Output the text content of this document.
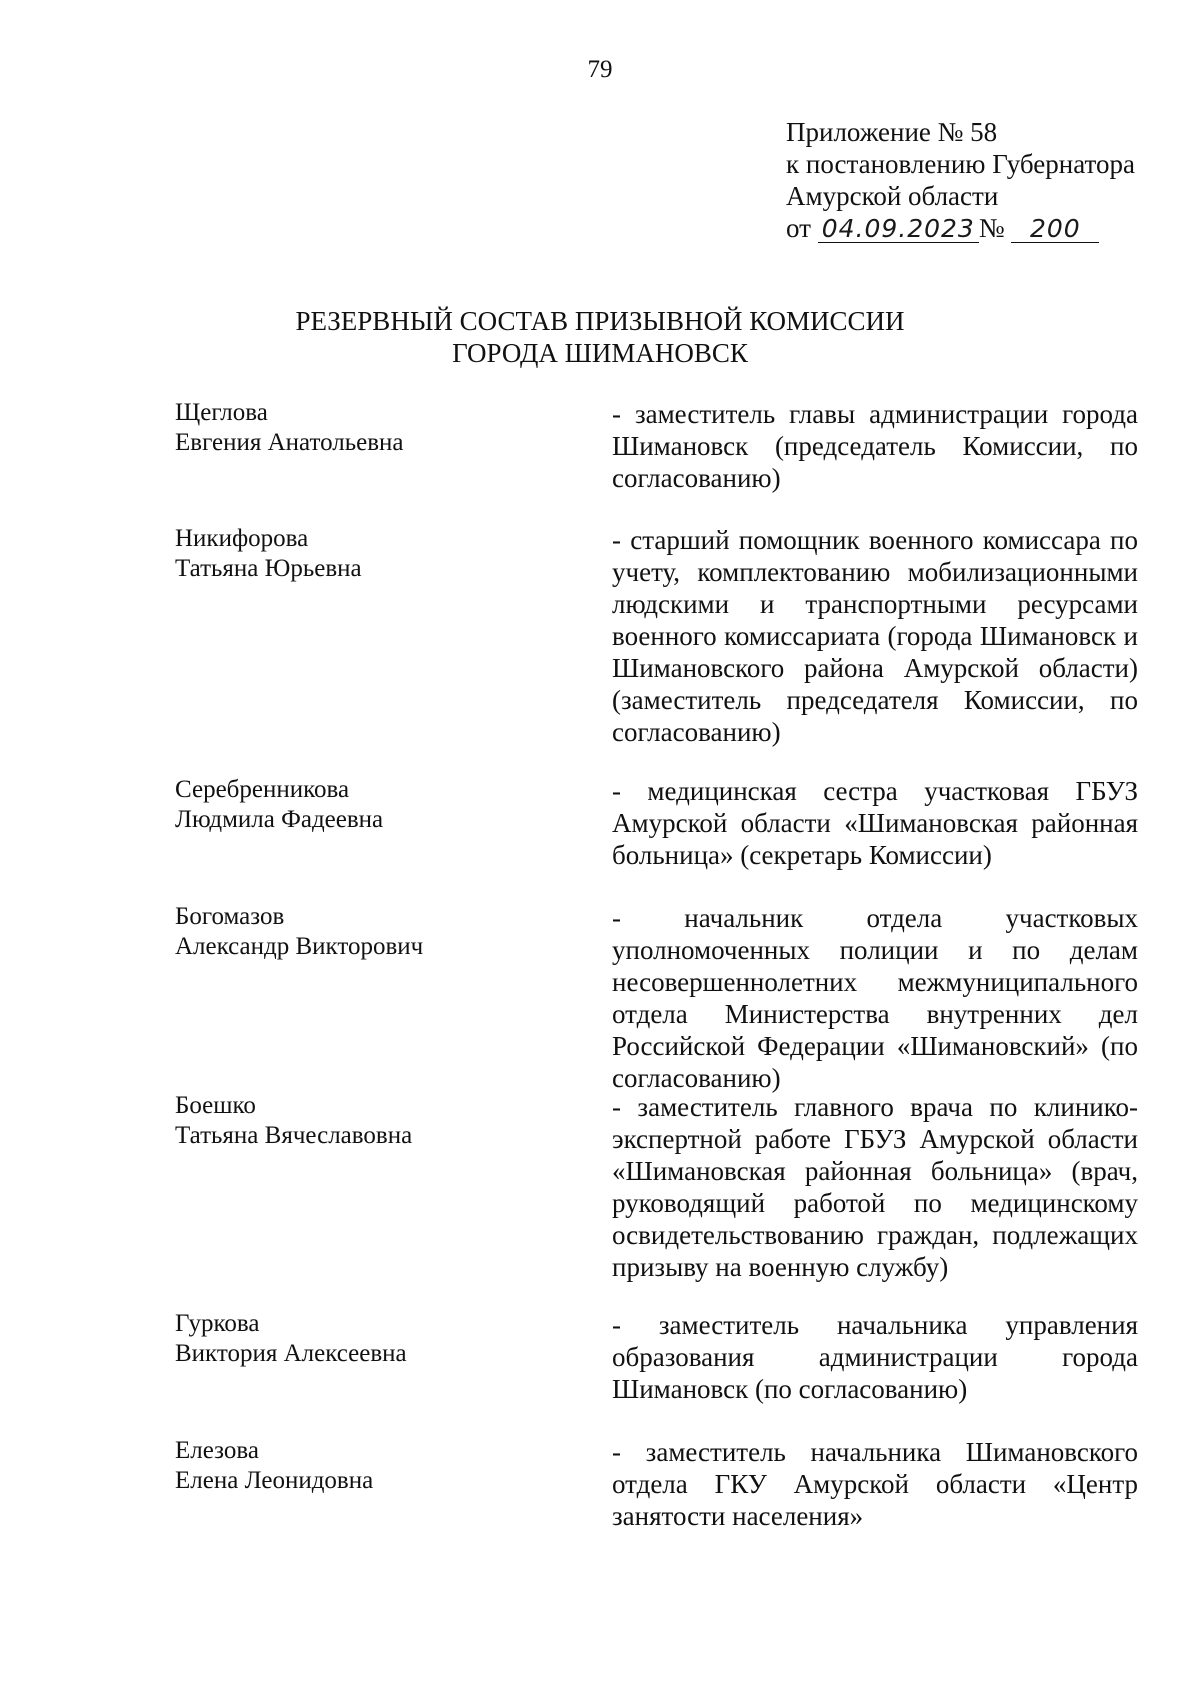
79
Приложение № 58
к постановлению Губернатора
Амурской области
от 04.09.2023 № 200
РЕЗЕРВНЫЙ СОСТАВ ПРИЗЫВНОЙ КОМИССИИ
ГОРОДА ШИМАНОВСК
Щеглова
Евгения Анатольевна
- заместитель главы администрации города Шимановск (председатель Комиссии, по согласованию)
Никифорова
Татьяна Юрьевна
- старший помощник военного комиссара по учету, комплектованию мобилизационными людскими и транспортными ресурсами военного комиссариата (города Шимановск и Шимановского района Амурской области) (заместитель председателя Комиссии, по согласованию)
Серебренникова
Людмила Фадеевна
- медицинская сестра участковая ГБУЗ Амурской области «Шимановская районная больница» (секретарь Комиссии)
Богомазов
Александр Викторович
- начальник отдела участковых уполномоченных полиции и по делам несовершеннолетних межмуниципального отдела Министерства внутренних дел Российской Федерации «Шимановский» (по согласованию)
Боешко
Татьяна Вячеславовна
- заместитель главного врача по клинико-экспертной работе ГБУЗ Амурской области «Шимановская районная больница» (врач, руководящий работой по медицинскому освидетельствованию граждан, подлежащих призыву на военную службу)
Гуркова
Виктория Алексеевна
- заместитель начальника управления образования администрации города Шимановск (по согласованию)
Елезова
Елена Леонидовна
- заместитель начальника Шимановского отдела ГКУ Амурской области «Центр занятости населения»
